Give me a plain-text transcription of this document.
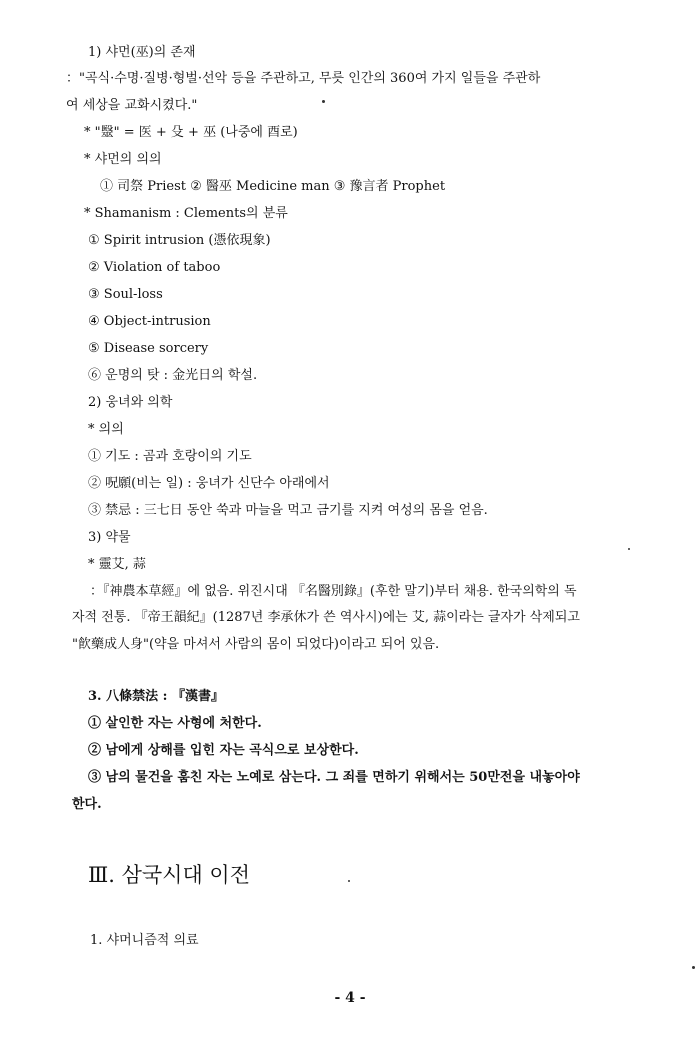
1) 샤먼(巫)의 존재
："곡식·수명·질병·형벌·선악 등을 주관하고, 무릇 인간의 360여 가지 일들을 주관하
여 세상을 교화시켰다."
* "毉" = 医 + 殳 + 巫 (나중에 酉로)
* 샤먼의 의의
① 司祭 Priest ② 醫巫 Medicine man ③ 豫言者 Prophet
* Shamanism : Clements의 분류
① Spirit intrusion (憑依現象)
② Violation of taboo
③ Soul-loss
④ Object-intrusion
⑤ Disease sorcery
⑥ 운명의 탓 : 金光日의 학설.
2) 웅녀와 의학
* 의의
① 기도 : 곰과 호랑이의 기도
② 呪願(비는 일) : 웅녀가 신단수 아래에서
③ 禁忌 : 三七日 동안 쑥과 마늘을 먹고 금기를 지켜 여성의 몸을 얻음.
3) 약물
* 靈艾, 蒜
：『神農本草經』에 없음. 위진시대 『名醫別錄』(후한 말기)부터 채용. 한국의학의 독
자적 전통. 『帝王韻紀』(1287년 李承休가 쓴 역사시)에는 艾, 蒜이라는 글자가 삭제되고
"飮藥成人身"(약을 마셔서 사람의 몸이 되었다)이라고 되어 있음.
3. 八條禁法 : 『漢書』
① 살인한 자는 사형에 처한다.
② 남에게 상해를 입힌 자는 곡식으로 보상한다.
③ 남의 물건을 훔친 자는 노예로 삼는다. 그 죄를 면하기 위해서는 50만전을 내놓아야
한다.
Ⅲ. 삼국시대 이전
1. 샤머니즘적 의료
- 4 -
